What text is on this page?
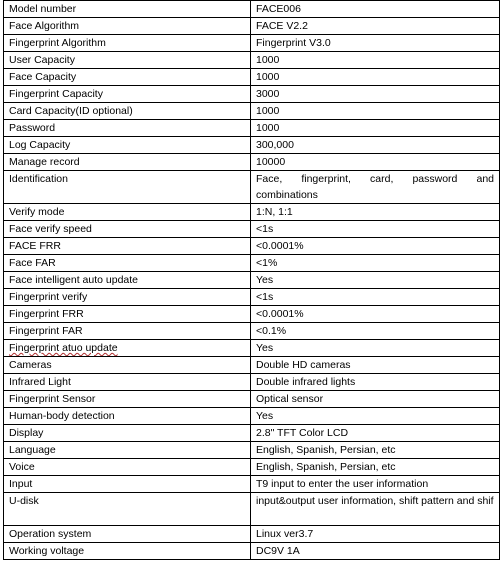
Model number	FACE006
Face Algorithm	FACE V2.2
Fingerprint Algorithm	Fingerprint V3.0
User Capacity	1000
Face Capacity	1000
Fingerprint Capacity	3000
Card Capacity(ID optional)	1000
Password	1000
Log Capacity	300,000
Manage record	10000
Identification	Face, fingerprint, card, password and combinations
Verify mode	1:N, 1:1
Face verify speed	<1s
FACE FRR	<0.0001%
Face FAR	<1%
Face intelligent auto update	Yes
Fingerprint verify	<1s
Fingerprint FRR	<0.0001%
Fingerprint FAR	<0.1%
Fingerprint atuo update	Yes
Cameras	Double HD cameras
Infrared Light	Double infrared lights
Fingerprint Sensor	Optical sensor
Human-body detection	Yes
Display	2.8" TFT Color LCD
Language	English, Spanish, Persian, etc
Voice	English, Spanish, Persian, etc
Input	T9 input to enter the user information
U-disk	input&output user information, shift pattern and shif
Operation system	Linux ver3.7
Working voltage	DC9V 1A
